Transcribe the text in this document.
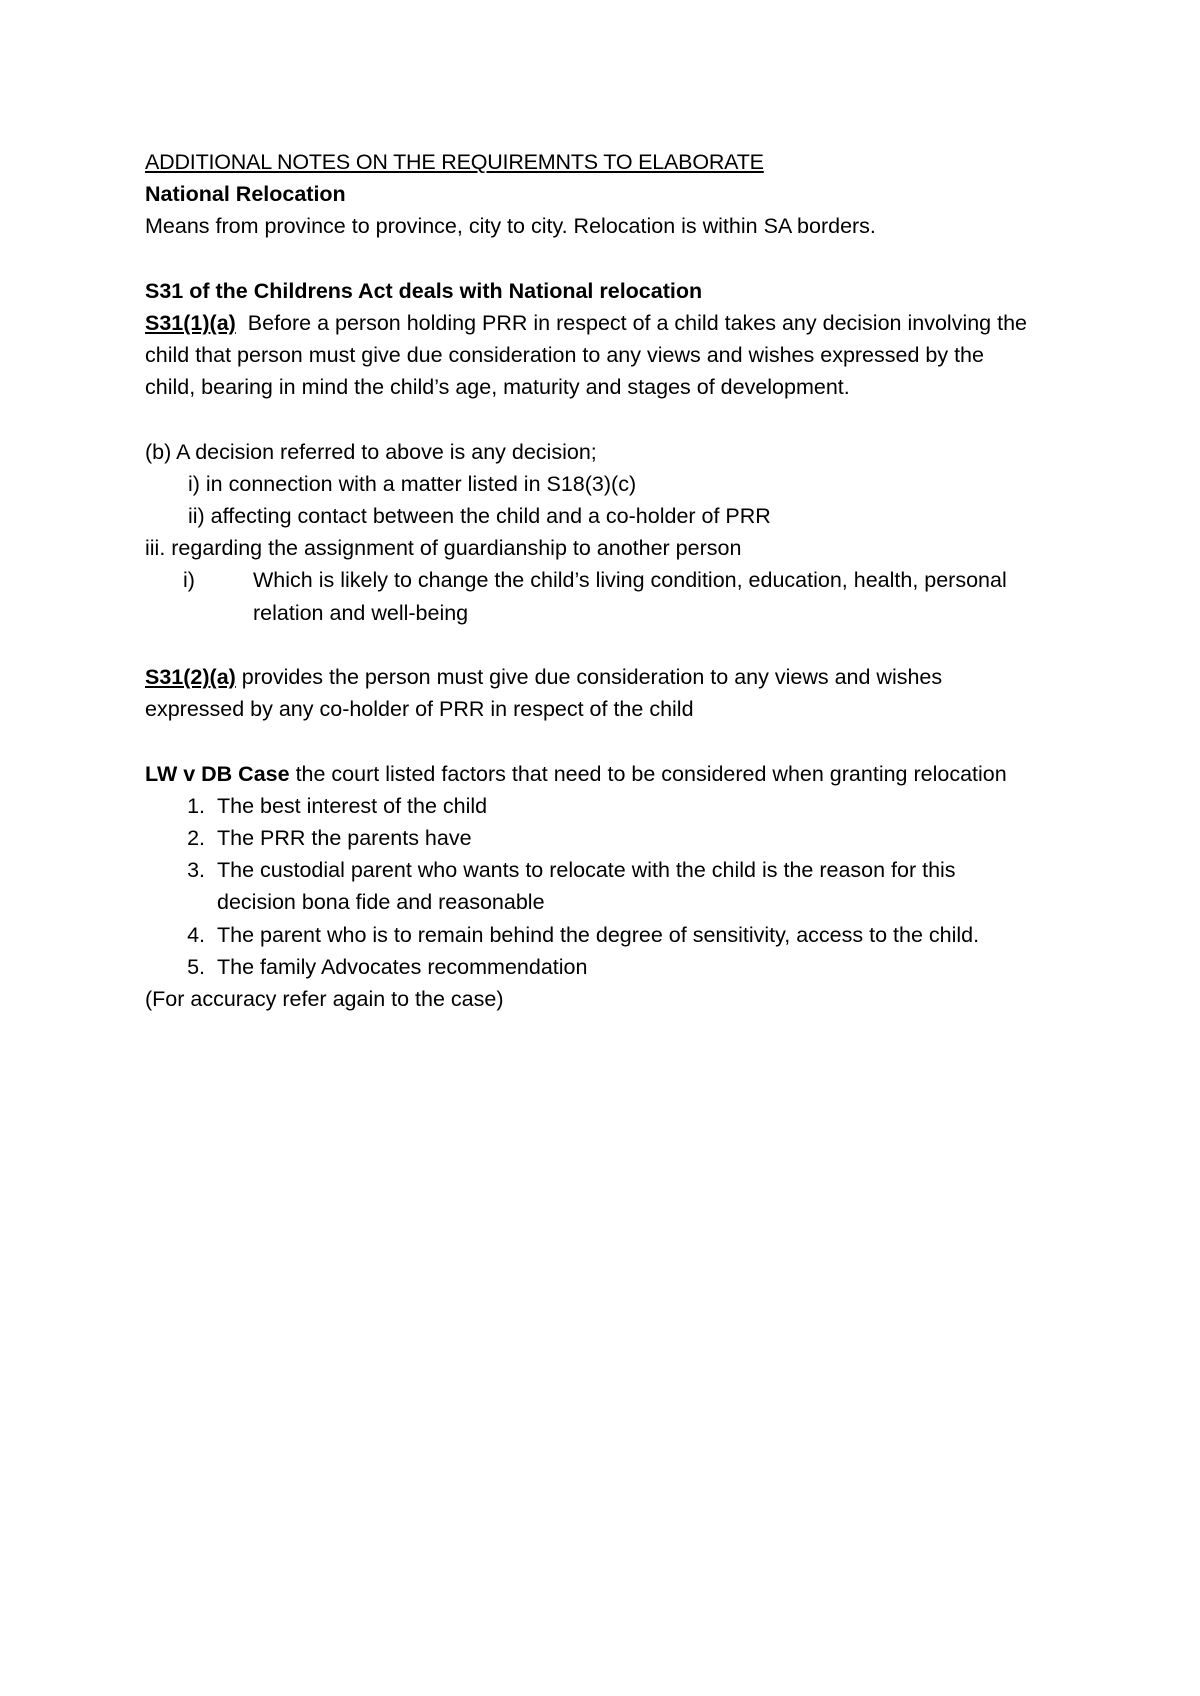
ADDITIONAL NOTES ON THE REQUIREMNTS TO ELABORATE
National Relocation
Means from province to province, city to city. Relocation is within SA borders.
S31 of the Childrens Act deals with National relocation
S31(1)(a) Before a person holding PRR in respect of a child takes any decision involving the
child that person must give due consideration to any views and wishes expressed by the
child, bearing in mind the child’s age, maturity and stages of development.
(b) A decision referred to above is any decision;
i) in connection with a matter listed in S18(3)(c)
ii) affecting contact between the child and a co-holder of PRR
iii. regarding the assignment of guardianship to another person
i)	Which is likely to change the child’s living condition, education, health, personal
relation and well-being
S31(2)(a) provides the person must give due consideration to any views and wishes
expressed by any co-holder of PRR in respect of the child
LW v DB Case the court listed factors that need to be considered when granting relocation
1. The best interest of the child
2. The PRR the parents have
3. The custodial parent who wants to relocate with the child is the reason for this decision bona fide and reasonable
4. The parent who is to remain behind the degree of sensitivity, access to the child.
5. The family Advocates recommendation
(For accuracy refer again to the case)
